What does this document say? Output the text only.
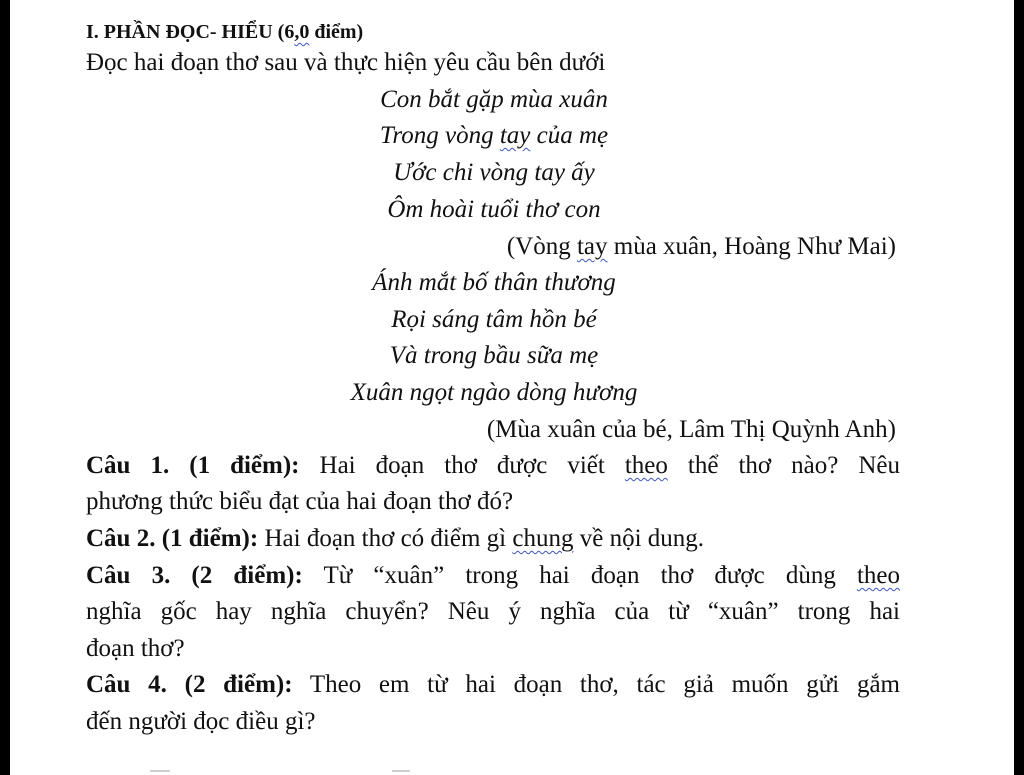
I. PHẦN ĐỌC- HIỂU (6,0 điểm)
Đọc hai đoạn thơ sau và thực hiện yêu cầu bên dưới
Con bắt gặp mùa xuân
Trong vòng tay của mẹ
Ước chi vòng tay ấy
Ôm hoài tuổi thơ con
(Vòng tay mùa xuân, Hoàng Như Mai)
Ánh mắt bố thân thương
Rọi sáng tâm hồn bé
Và trong bầu sữa mẹ
Xuân ngọt ngào dòng hương
(Mùa xuân của bé, Lâm Thị Quỳnh Anh)
Câu 1. (1 điểm): Hai đoạn thơ được viết theo thể thơ nào? Nêu
phương thức biểu đạt của hai đoạn thơ đó?
Câu 2. (1 điểm): Hai đoạn thơ có điểm gì chung về nội dung.
Câu 3. (2 điểm): Từ “xuân” trong hai đoạn thơ được dùng theo
nghĩa gốc hay nghĩa chuyển? Nêu ý nghĩa của từ “xuân” trong hai
đoạn thơ?
Câu 4. (2 điểm): Theo em từ hai đoạn thơ, tác giả muốn gửi gắm
đến người đọc điều gì?
